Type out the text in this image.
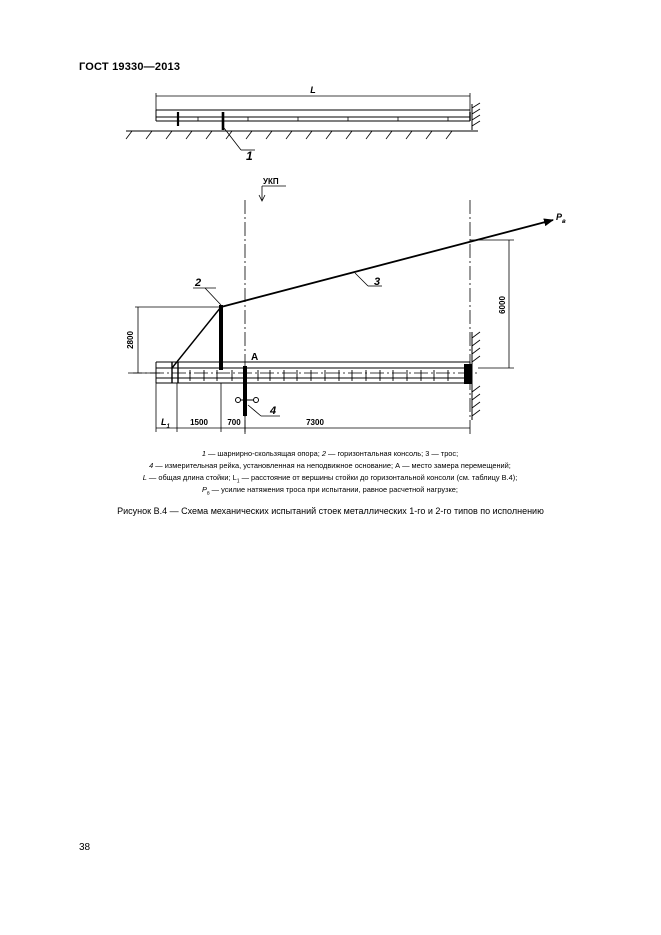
ГОСТ 19330—2013
L
1
УКП
$P_в$
3
2
2800
6000
A
4
$L_1$	1500 700	7300
1 — шарнирно-скользящая опора; 2 — горизонтальная консоль; 3 — трос;
4 — измерительная рейка, установленная на неподвижное основание; А — место замера перемещений;
L — общая длина стойки; $L_1$ — расстояние от вершины стойки до горизонтальной консоли (см. таблицу В.4);
$P_в$ — усилие натяжения троса при испытании, равное расчетной нагрузке;
Рисунок В.4 — Схема механических испытаний стоек металлических 1-го и 2-го типов по исполнению
38
